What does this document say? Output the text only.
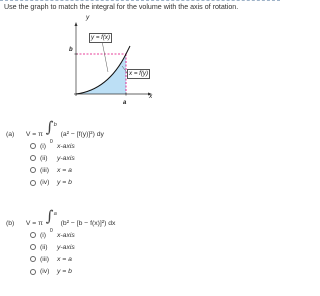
Use the graph to match the integral for the volume with the axis of rotation.
y
b
a
x
y = f(x)
x = f(y)
(a) V = π ∫ b
0
(a² − [f(y)]²) dy
(i)	x-axis
(ii)	y-axis
(iii)	x = a
(iv)	y = b
(b) V = π ∫ a
0
(b² − [b − f(x)]²) dx
(i)	x-axis
(ii)	y-axis
(iii)	x = a
(iv)	y = b
